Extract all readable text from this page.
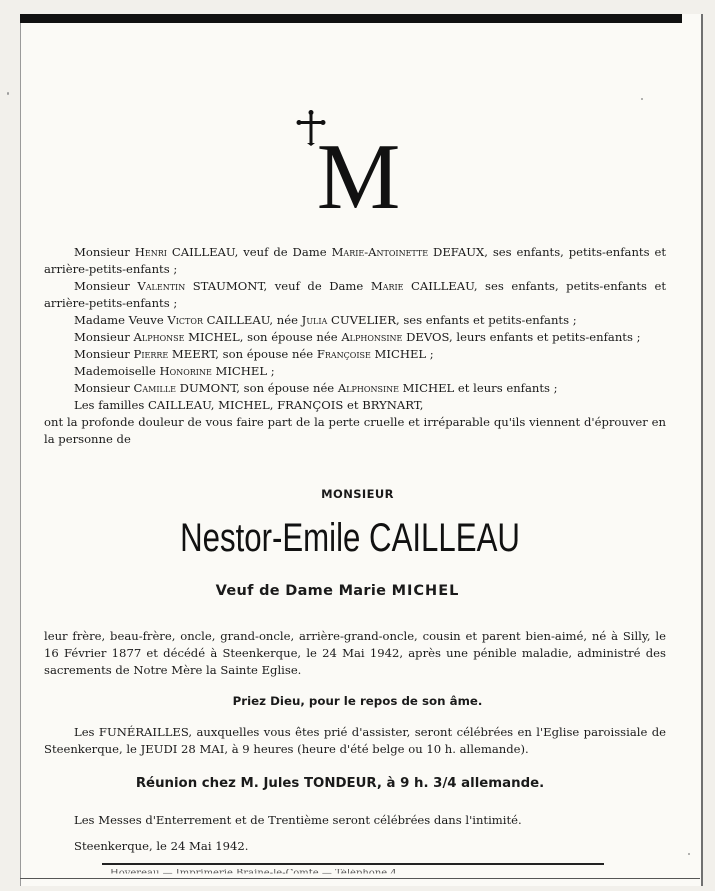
M

Monsieur Henri CAILLEAU, veuf de Dame Marie-Antoinette DEFAUX, ses enfants, petits-enfants et arrière-petits-enfants ;

Monsieur Valentin STAUMONT, veuf de Dame Marie CAILLEAU, ses enfants, petits-enfants et arrière-petits-enfants ;

Madame Veuve Victor CAILLEAU, née Julia CUVELIER, ses enfants et petits-enfants ;

Monsieur Alphonse MICHEL, son épouse née Alphonsine DEVOS, leurs enfants et petits-enfants ;

Monsieur Pierre MEERT, son épouse née Françoise MICHEL ;

Mademoiselle Honorine MICHEL ;

Monsieur Camille DUMONT, son épouse née Alphonsine MICHEL et leurs enfants ;

Les familles CAILLEAU, MICHEL, FRANÇOIS et BRYNART,

ont la profonde douleur de vous faire part de la perte cruelle et irréparable qu'ils viennent d'éprouver en la personne de

MONSIEUR
Nestor-Emile CAILLEAU
Veuf de Dame Marie MICHEL

leur frère, beau-frère, oncle, grand-oncle, arrière-grand-oncle, cousin et parent bien-aimé, né à Silly, le 16 Février 1877 et décédé à Steenkerque, le 24 Mai 1942, après une pénible maladie, administré des sacrements de Notre Mère la Sainte Eglise.

Priez Dieu, pour le repos de son âme.

Les FUNÉRAILLES, auxquelles vous êtes prié d'assister, seront célébrées en l'Eglise paroissiale de Steenkerque, le JEUDI 28 MAI, à 9 heures (heure d'été belge ou 10 h. allemande).

Réunion chez M. Jules TONDEUR, à 9 h. 3/4 allemande.
Les Messes d'Enterrement et de Trentième seront célébrées dans l'intimité.
Steenkerque, le 24 Mai 1942.
